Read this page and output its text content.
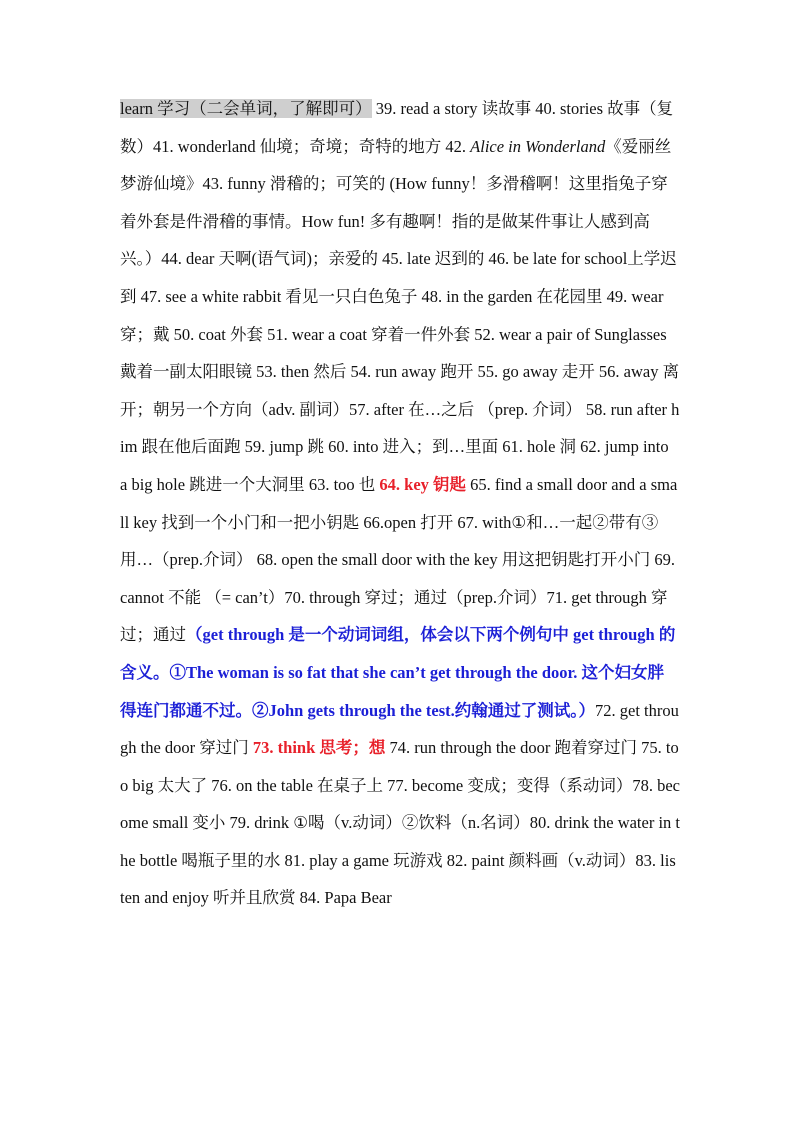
learn 学习（二会单词，了解即可） 39. read a story 读故事 40. stories 故事（复数）41. wonderland 仙境；奇境；奇特的地方 42. Alice in Wonderland《爱丽丝梦游仙境》43. funny 滑稽的；可笑的 (How funny！多滑稽啊！这里指兔子穿着外套是件滑稽的事情。How fun! 多有趣啊！指的是做某件事让人感到高兴。）44. dear 天啊(语气词)；亲爱的 45. late 迟到的 46. be late for school上学迟到 47. see a white rabbit 看见一只白色兔子 48. in the garden 在花园里 49. wear 穿；戴 50. coat 外套 51. wear a coat 穿着一件外套 52. wear a pair of Sunglasses 戴着一副太阳眼镜 53. then 然后 54. run away 跑开 55. go away 走开 56. away 离开；朝另一个方向（adv. 副词）57. after 在…之后 （prep. 介词） 58. run after him 跟在他后面跑 59. jump 跳 60. into 进入；到…里面 61. hole 洞 62. jump into a big hole 跳进一个大洞里 63. too 也 64. key 钥匙 65. find a small door and a small key 找到一个小门和一把小钥匙 66.open 打开 67. with①和…一起②带有③用…（prep.介词） 68. open the small door with the key 用这把钥匙打开小门 69. cannot 不能 （= can’t）70. through 穿过；通过（prep.介词）71. get through 穿过；通过（get through 是一个动词词组，体会以下两个例句中 get through 的含义。①The woman is so fat that she can’t get through the door. 这个妇女胖得连门都通不过。②John gets through the test.约翰通过了测试。）72. get through the door 穿过门 73. think 思考；想 74. run through the door 跑着穿过门 75. too big 太大了 76. on the table 在桌子上 77. become 变成；变得（系动词）78. become small 变小 79. drink ①喝（v.动词）②饮料（n.名词）80. drink the water in the bottle 喝瓶子里的水 81. play a game 玩游戏 82. paint 颜料画（v.动词）83. listen and enjoy 听并且欣赏 84. Papa Bear
